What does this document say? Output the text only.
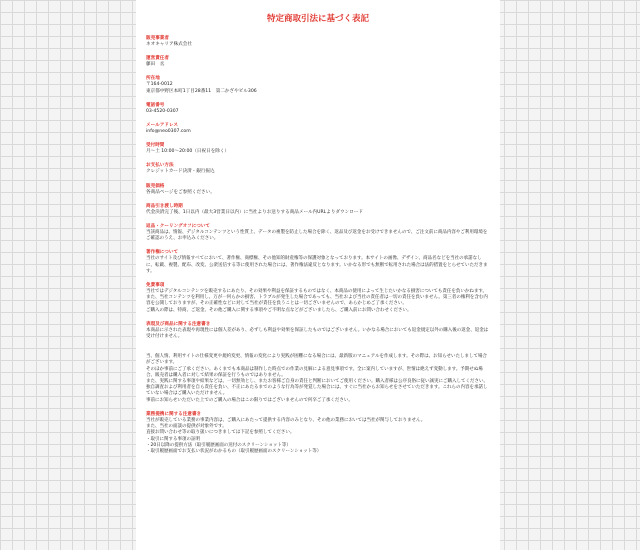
特定商取引法に基づく表記
販売事業者
ネオキャリア株式会社
運営責任者
藤田　丞
所在地
〒164-0012
東京都中野区本町1丁目28番11　第二かざやビル306
電話番号
03-4520-0307
メールアドレス
info@neo0307.com
受付時間
月〜土 10:00〜20:00（日祝日を除く）
お支払い方法
クレジットカード決済・銀行振込
販売価格
各商品ページをご参照ください。
商品引き渡し時期
代金決済完了後、1日以内（最大3営業日以内）に当社よりお送りする商品メール内URLよりダウンロード
返品・クーリングオフについて

当該商品は、情報、デジタルコンテンツという性質上、データの複製を防止した場合を除く、返品及び返金をお受けできませんので、ご注文前に商品内容やご利用環境をご確認のうえ、お申込みください。

著作権について

当社のサイト及び情報すべてにおいて、著作権、商標権、その他知的財産権等の保護対象となっております。本サイトの画像、デザイン、商品名などを当社の承諾なしに、転載、複製、配布、改変、公衆送信する等に使用された場合には、著作権法違反となります。いかなる形でも無断で転用された場合は法的措置をとらせていただきます。

免責事項

当社ではデジタルコンテンツを販売するにあたり、その効果や利益を保証するものではなく、本商品の使用によって生じたいかなる損害についても責任を負いかねます。

また、当社コンテンツを利用し、万が一何らかの損害、トラブルが発生した場合であっても、当社および当社の責任者は一切の責任を負いません。第三者の権利を含む内容を公開しておりますが、その正確性などに対して当社が責任を負うことは一切ございませんので、あらかじめご了承ください。

ご購入の際は、特商、ご返金、その他ご購入に関する事項やご不明な点などがございましたら、ご購入前にお問い合わせください。

表現及び商品に関する注意書き

本商品に示された表現や再現性には個人差があり、必ずしも利益や効果を保証したものではございません。いかなる場合においても返金規定以外の購入後の返金、返金は受け付けません。

当、個人情、利用サイトの仕様変更や規約変更、情報の変化により実践が困難になる場合には、最新版のマニュアルを作成します。その際は、お知らせいたしまして場合がございます。

そのほか事前にご了承ください。あくまでも本商品は制作した時点での作業の見解による意見事項です。全に案内していますが、世情は絶えず変動します。予期せぬ場合、販売者は購入者に対して結果の保証を行うものではありません。

また、実践に関する事項や結果などは、一切無効とし、またお客様ご自身の責任と判断においてご使用ください。購入者様は公序良俗に従い誠実にご購入してください。

独自調査および利用者を自ら責任を負い、不正にあたるまでのような行為等が発覚した場合には、すぐに当社からお知らせをさせていただきます。これらの内容を承諾していない場合はご購入いただけません。

事前にお知らせいただいた上でのご購入の場合はこの限りではございませんので何卒ご了承ください。

業務提携に関する注意書き

当社が販売している業務の事業内容は、ご購入にあたって提供する内容のみとなり、その他の業務においては当社が関与しておりません。

また、当社の面談の提供が対象外です。

直接お問い合わせ等の取り扱いにつきましては下記を参照してください。

・取引に関する事項の証明

・20日以降の提供方法（取引履歴画面の送付のスクリーンショット等）

・取引履歴画面でお支払い状況がわかるもの（取引履歴画面のスクリーンショット等）
